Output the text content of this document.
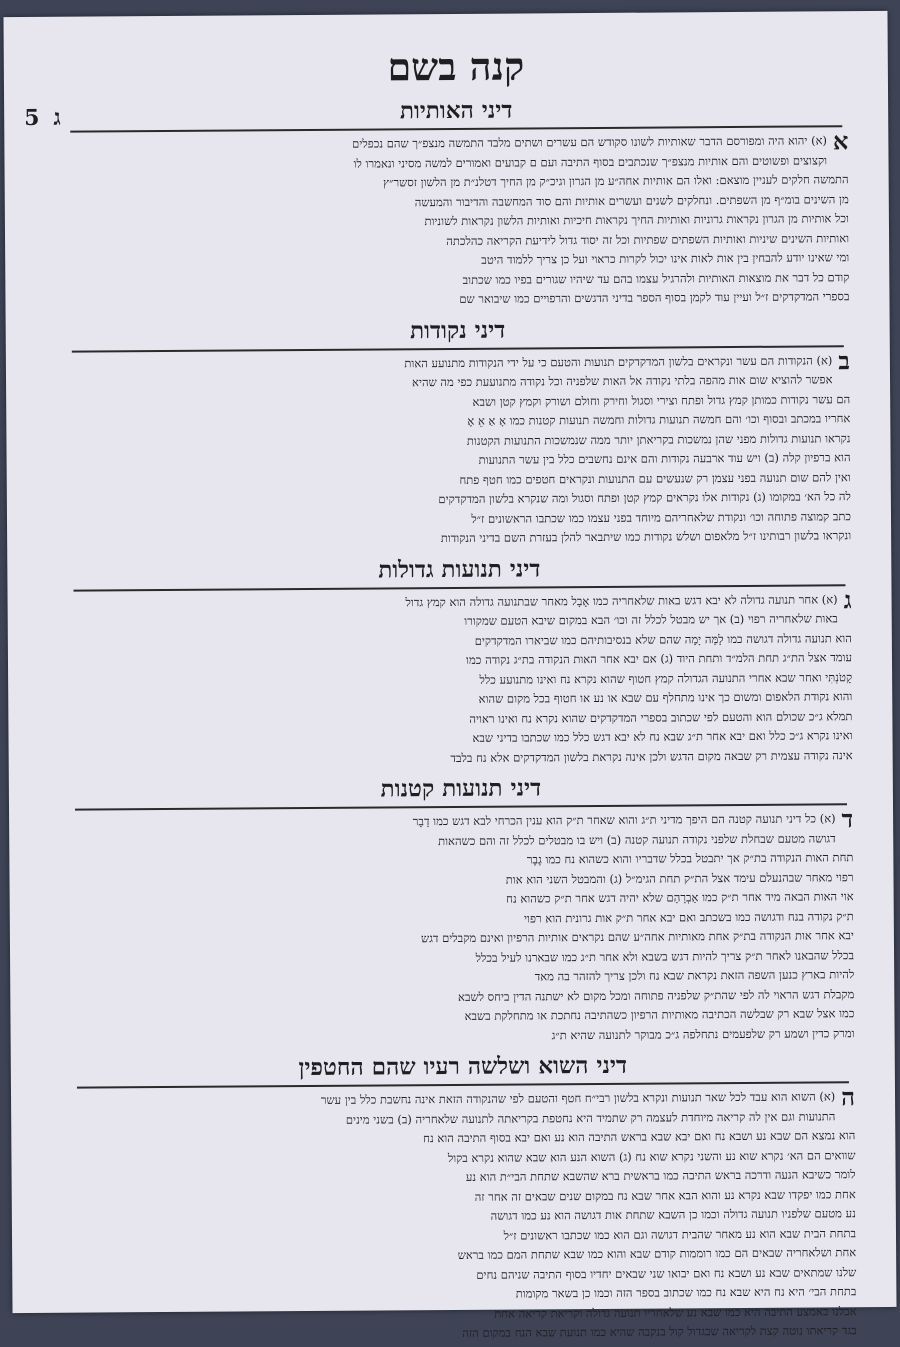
5 ג
קנה בשם
דיני האותיות
א
(א) יהוא היה ומפורסם הדבר שאותיות לשונו סקודש הם עשרים ושתים מלבד התמשה מנצפ״ך שהם נכפלים
וקצוצים ופשוטים והם אותיות מנצפ״ך שנכתבים בסוף התיבה ועם ם קבועים ואמורים למשה מסיני ונאמרו לו
התמשה חלקים לעניין מוצאם: ואלו הם אותיות אחה״ע מן הגרון וגיכ״ק מן החיך דטלנ״ת מן הלשון זסשר״ץ
מן השינים בומ״ף מן השפתים. ונחלקים לשנים ועשרים אותיות והם סוד המחשבה והדיבור והמעשה
וכל אותיות מן הגרון נקראות גרוניות ואותיות החיך נקראות חיכיות ואותיות הלשון נקראות לשוניות
ואותיות השינים שיניות ואותיות השפתים שפתיות וכל זה יסוד גדול לידיעת הקריאה כהלכתה
ומי שאינו יודע להבחין בין אות לאות אינו יכול לקרות כראוי ועל כן צריך ללמוד היטב
קודם כל דבר את מוצאות האותיות ולהרגיל עצמו בהם עד שיהיו שגורים בפיו כמו שכתוב
בספרי המדקדקים ז״ל ועיין עוד לקמן בסוף הספר בדיני הדגשים והרפויים כמו שיבואר שם
דיני נקודות
ב
(א) הנקודות הם עשר ונקראים בלשון המדקדקים תנועות והטעם כי על ידי הנקודות מתנועע האות
אפשר להוציא שום אות מהפה בלתי נקודה אל האות שלפניה וכל נקודה מתנועעת כפי מה שהיא
הם עשר נקודות כמותן קמץ גדול ופתח וצירי וסגול וחירק וחולם ושורק וקמץ קטן ושבא
אחריו במכתב ובסוף וכו׳ והם חמשה תנועות גדולות וחמשה תנועות קטנות כמו אָ אַ אֵ אֶ
נקראו תנועות גדולות מפני שהן נמשכות בקריאתן יותר ממה שנמשכות התנועות הקטנות
הוא ברפיון קלה (ב) ויש עוד ארבעה נקודות והם אינם נחשבים כלל בין עשר התנועות
ואין להם שום תנועה בפני עצמן רק שנעשים עם התנועות ונקראים חטפים כמו חטף פתח
לה כל הא׳ במקומו (ג) נקודות אלו נקראים קמץ קטן ופתח וסגול ומה שנקרא בלשון המדקדקים
כתב קמוצה פתוחה וכו׳ ונקודת שלאחריהם מיוחד בפני עצמו כמו שכתבו הראשונים ז״ל
ונקראו בלשון רבותינו ז״ל מלאפום ושלש נקודות כמו שיתבאר להלן בעזרת השם בדיני הנקודות
דיני תנועות גדולות
ג
(א) אחר תנועה גדולה לא יבא דגש באות שלאחריה כמו אָבָל מאחר שבתנועה גדולה הוא קמץ גדול
באות שלאחריה רפוי (ב) אך יש מבטל לכלל זה וכו׳ הבא במקום שיבא הטעם שמקורו
הוא תנועה גדולה דגושה כמו לָמָּה יָמָה שהם שלא בנסיבותיהם כמו שביארו המדקדקים
עומד אצל הת״ג תחת הלמ״ד ותחת היוד (ג) אם יבא אחר האות הנקודה בת״ג נקודה כמו
קָטֹנְתִּי ואחר שבא אחרי התנועה הגדולה קמץ חטוף שהוא נקרא נח ואינו מתנועע כלל
והוא נקודת הלאפום ומשום כך אינו מתחלף עם שבא או נע או חטוף בכל מקום שהוא
תמלא ג״כ שכולם הוא והטעם לפי שכתוב בספרי המדקדקים שהוא נקרא נח ואינו ראויה
ואינו נקרא ג״כ כלל ואם יבא אחר ת״ג שבא נח לא יבא דגש כלל כמו שכתבו בדיני שבא
אינה נקודה עצמית רק שבאה מקום הדגש ולכן אינה נקראת בלשון המדקדקים אלא נח בלבד
דיני תנועות קטנות
ד
(א) כל דיני תנועה קטנה הם היפך מדיני ת״ג והוא שאחר ת״ק הוא ענין הכרחי לבא דגש כמו דָבָר
דגושה מטעם שבחלת שלפני נקודה תנועה קטנה (ב) ויש בו מבטלים לכלל זה והם כשהאות
תחת האות הנקודה בת״ק אך יתבטל בכלל שדבריו והוא כשהוא נח כמו גֶבֶר
רפוי מאחר שבהנעלם עימד אצל הת״ק תחת הגימ״ל (ג) והמבטל השני הוא אות
אוי האות הבאה מיד אחר ת״ק כמו אַבְרָהָם שלא יהיה דגש אחר ת״ק כשהוא נח
ת״ק נקודה בנח ודגושה כמו בשכתב ואם יבא אחר ת״ק אות גרונית הוא רפוי
יבא אחר אות הנקודה בת״ק אחת מאותיות אחה״ע שהם נקראים אותיות הרפיון ואינם מקבלים דגש
בכלל שהבאנו לאחר ת״ק צריך להיות דגש בשבא ולא אחר ת״ג כמו שבארנו לעיל בכלל
להיות בארץ כנען השפה הזאת נקראת שבא נח ולכן צריך להזהר בה מאד
מקבלת דגש הראוי לה לפי שהת״ק שלפניה פתוחה ומכל מקום לא ישתנה הדין ביחס לשבא
כמו אצל שבא רק שבלשה הכתיבה מאותיות הרפיון כשהתיבה נחתכת או מתחלקת בשבא
ומרק כדין ושמע רק שלפעמים נתחלפה ג״כ מבוקר לתנועה שהיא ת״ג
דיני השוא ושלשה רעיו שהם החטפין
ה
(א) השוא הוא עבד לכל שאר תנועות ונקרא בלשון רבי״ח חטף והטעם לפי שהנקודה הזאת אינה נחשבת כלל בין עשר
התנועות וגם אין לה קריאה מיוחדת לעצמה רק שתמיד היא נחטפת בקריאתה לתנועה שלאחריה (ב) בשני מינים
הוא נמצא הם שבא נע ושבא נח ואם יבא שבא בראש התיבה הוא נע ואם יבא בסוף התיבה הוא נח
שוואים הם הא׳ נקרא שוא נע והשני נקרא שוא נח (ג) השוא הנע הוא שבא שהוא נקרא בקול
לומר כשיבא הנעה ודרכה בראש התיבה כמו בראשית ברא שהשבא שתחת הבי״ת הוא נע
אחת כמו יפקדו שבא נקרא נע והוא הבא אחר שבא נח במקום שנים שבאים זה אחר זה
נע מטעם שלפניו תנועה גדולה וכמו כן השבא שתחת אות דגושה הוא נע כמו דגושה
בתחת הבית שבא הוא נע מאחר שהבית דגושה וגם הוא כמו שכתבו ראשונים ז״ל
אחת ושלאחריה שבאים הם כמו רוממות קודם שבא והוא כמו שבא שתחת המם כמו בראש
שלנו שמתאים שבא נע ושבא נח ואם יבואו שני שבאים יחדיו בסוף התיבה שניהם נחים
בתחת הבי׳ היא נח היא שבא נח כמו שכתוב בספר הזה וכמו כן בשאר מקומות
אבלנו באמצע התיבה היא כמו שבא נע שלאחריו תנועה גדולה וקריאת קריאה אחת
בגד קריאתו נוטה קצת לקריאה שבגדול קול בנקבה שהיא כמו תנועת שבא הנח במקום הזה
